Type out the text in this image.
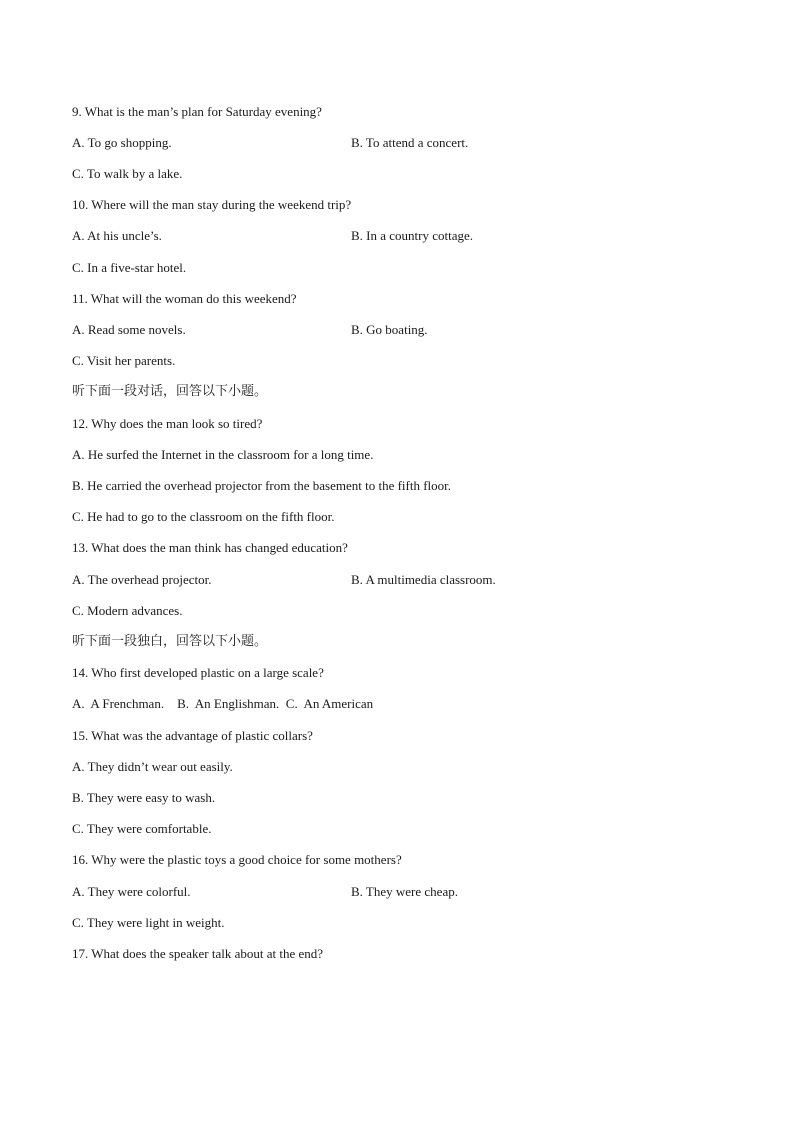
9. What is the man’s plan for Saturday evening?
A. To go shopping.	B. To attend a concert.
C. To walk by a lake.
10. Where will the man stay during the weekend trip?
A. At his uncle’s.	B. In a country cottage.
C. In a five-star hotel.
11. What will the woman do this weekend?
A. Read some novels.	B. Go boating.
C. Visit her parents.
听下面一段对话，回答以下小题。
12. Why does the man look so tired?
A. He surfed the Internet in the classroom for a long time.
B. He carried the overhead projector from the basement to the fifth floor.
C. He had to go to the classroom on the fifth floor.
13. What does the man think has changed education?
A. The overhead projector.	B. A multimedia classroom.
C. Modern advances.
听下面一段独白，回答以下小题。
14. Who first developed plastic on a large scale?
A.  A Frenchman.    B.  An Englishman.  C.  An American
15. What was the advantage of plastic collars?
A. They didn’t wear out easily.
B. They were easy to wash.
C. They were comfortable.
16. Why were the plastic toys a good choice for some mothers?
A. They were colorful.	B. They were cheap.
C. They were light in weight.
17. What does the speaker talk about at the end?
